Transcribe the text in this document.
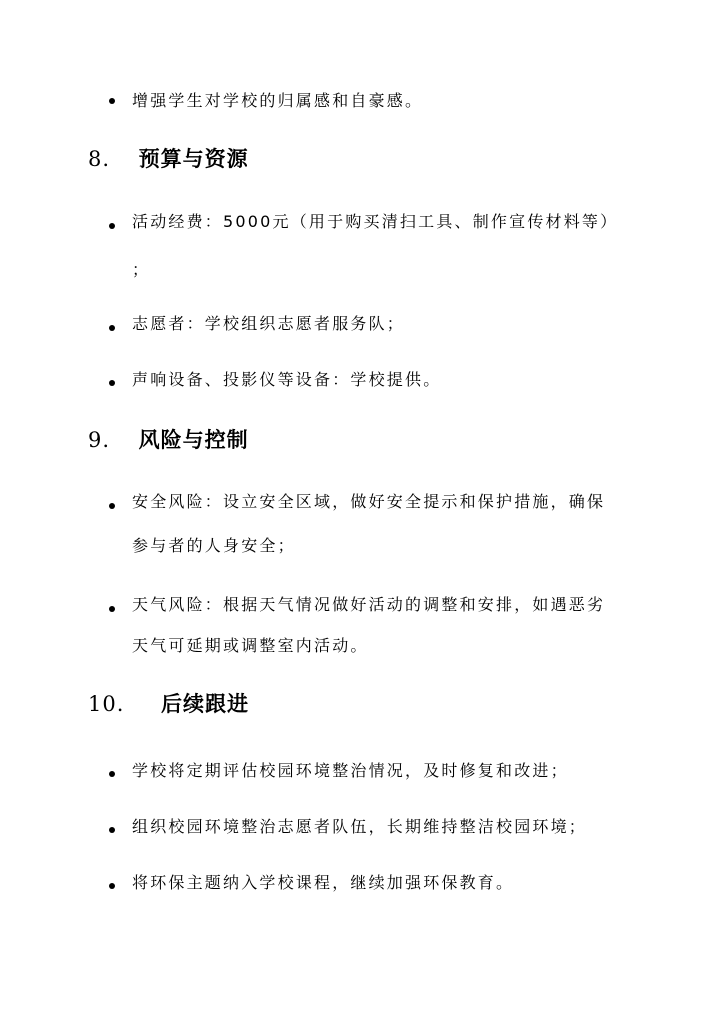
增强学生对学校的归属感和自豪感。
8. 预算与资源
活动经费：5000元（用于购买清扫工具、制作宣传材料等）
；
志愿者：学校组织志愿者服务队；
声响设备、投影仪等设备：学校提供。
9. 风险与控制
安全风险：设立安全区域，做好安全提示和保护措施，确保
参与者的人身安全；
天气风险：根据天气情况做好活动的调整和安排，如遇恶劣
天气可延期或调整室内活动。
10. 后续跟进
学校将定期评估校园环境整治情况，及时修复和改进；
组织校园环境整治志愿者队伍，长期维持整洁校园环境；
将环保主题纳入学校课程，继续加强环保教育。
